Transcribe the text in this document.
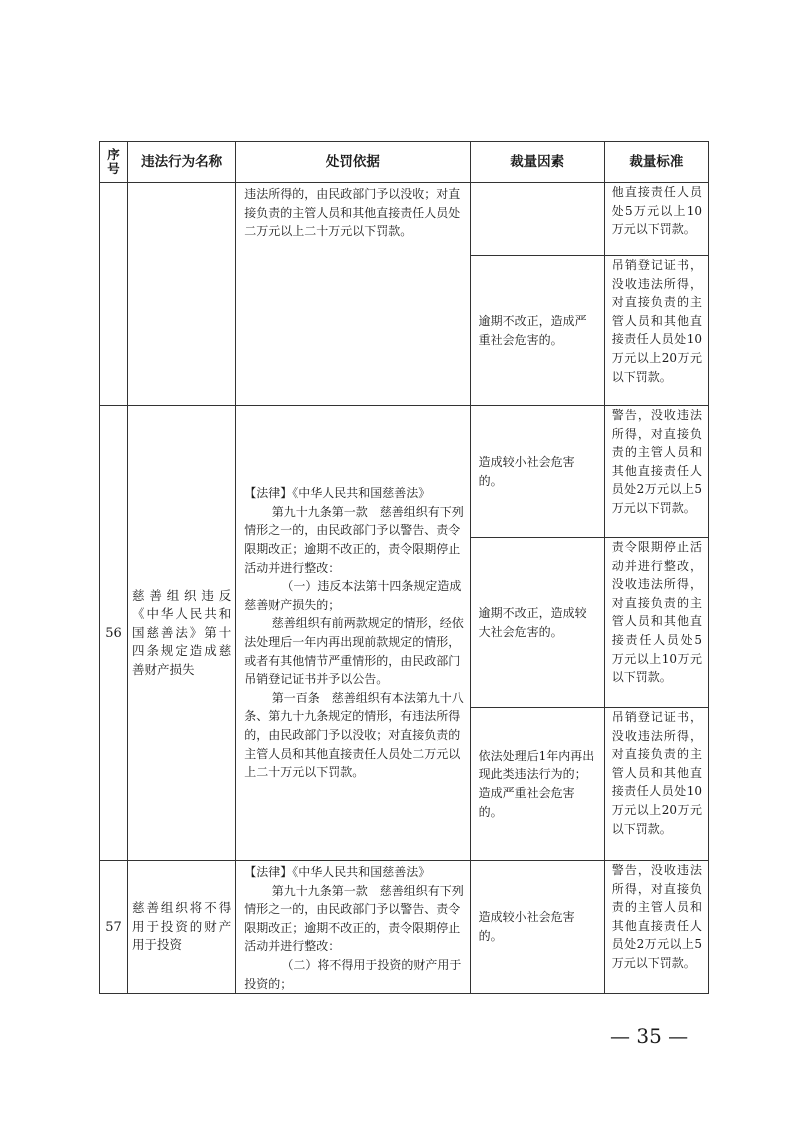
序号	违法行为名称	处罚依据	裁量因素	裁量标准

		违法所得的，由民政部门予以没收；对直接负责的主管人员和其他直接责任人员处二万元以上二十万元以下罚款。		他直接责任人员处5万元以上10万元以下罚款。
			逾期不改正，造成严重社会危害的。	吊销登记证书，没收违法所得，对直接负责的主管人员和其他直接责任人员处10万元以上20万元以下罚款。
56	慈善组织违反《中华人民共和国慈善法》第十四条规定造成慈善财产损失	【法律】《中华人民共和国慈善法》

第九十九条第一款　慈善组织有下列情形之一的，由民政部门予以警告、责令限期改正；逾期不改正的，责令限期停止活动并进行整改：

（一）违反本法第十四条规定造成慈善财产损失的；

慈善组织有前两款规定的情形，经依法处理后一年内再出现前款规定的情形，或者有其他情节严重情形的，由民政部门吊销登记证书并予以公告。

第一百条　慈善组织有本法第九十八条、第九十九条规定的情形，有违法所得的，由民政部门予以没收；对直接负责的主管人员和其他直接责任人员处二万元以上二十万元以下罚款。	造成较小社会危害的。	警告，没收违法所得，对直接负责的主管人员和其他直接责任人员处2万元以上5万元以下罚款。

			逾期不改正，造成较大社会危害的。	责令限期停止活动并进行整改，没收违法所得，对直接负责的主管人员和其他直接责任人员处5万元以上10万元以下罚款。

			依法处理后1年内再出现此类违法行为的；

造成严重社会危害的。	吊销登记证书，没收违法所得，对直接负责的主管人员和其他直接责任人员处10万元以上20万元以下罚款。
57	慈善组织将不得用于投资的财产用于投资	【法律】《中华人民共和国慈善法》

第九十九条第一款　慈善组织有下列情形之一的，由民政部门予以警告、责令限期改正；逾期不改正的，责令限期停止活动并进行整改：

（二）将不得用于投资的财产用于投资的；	造成较小社会危害的。	警告，没收违法所得，对直接负责的主管人员和其他直接责任人员处2万元以上5万元以下罚款。
— 35 —
